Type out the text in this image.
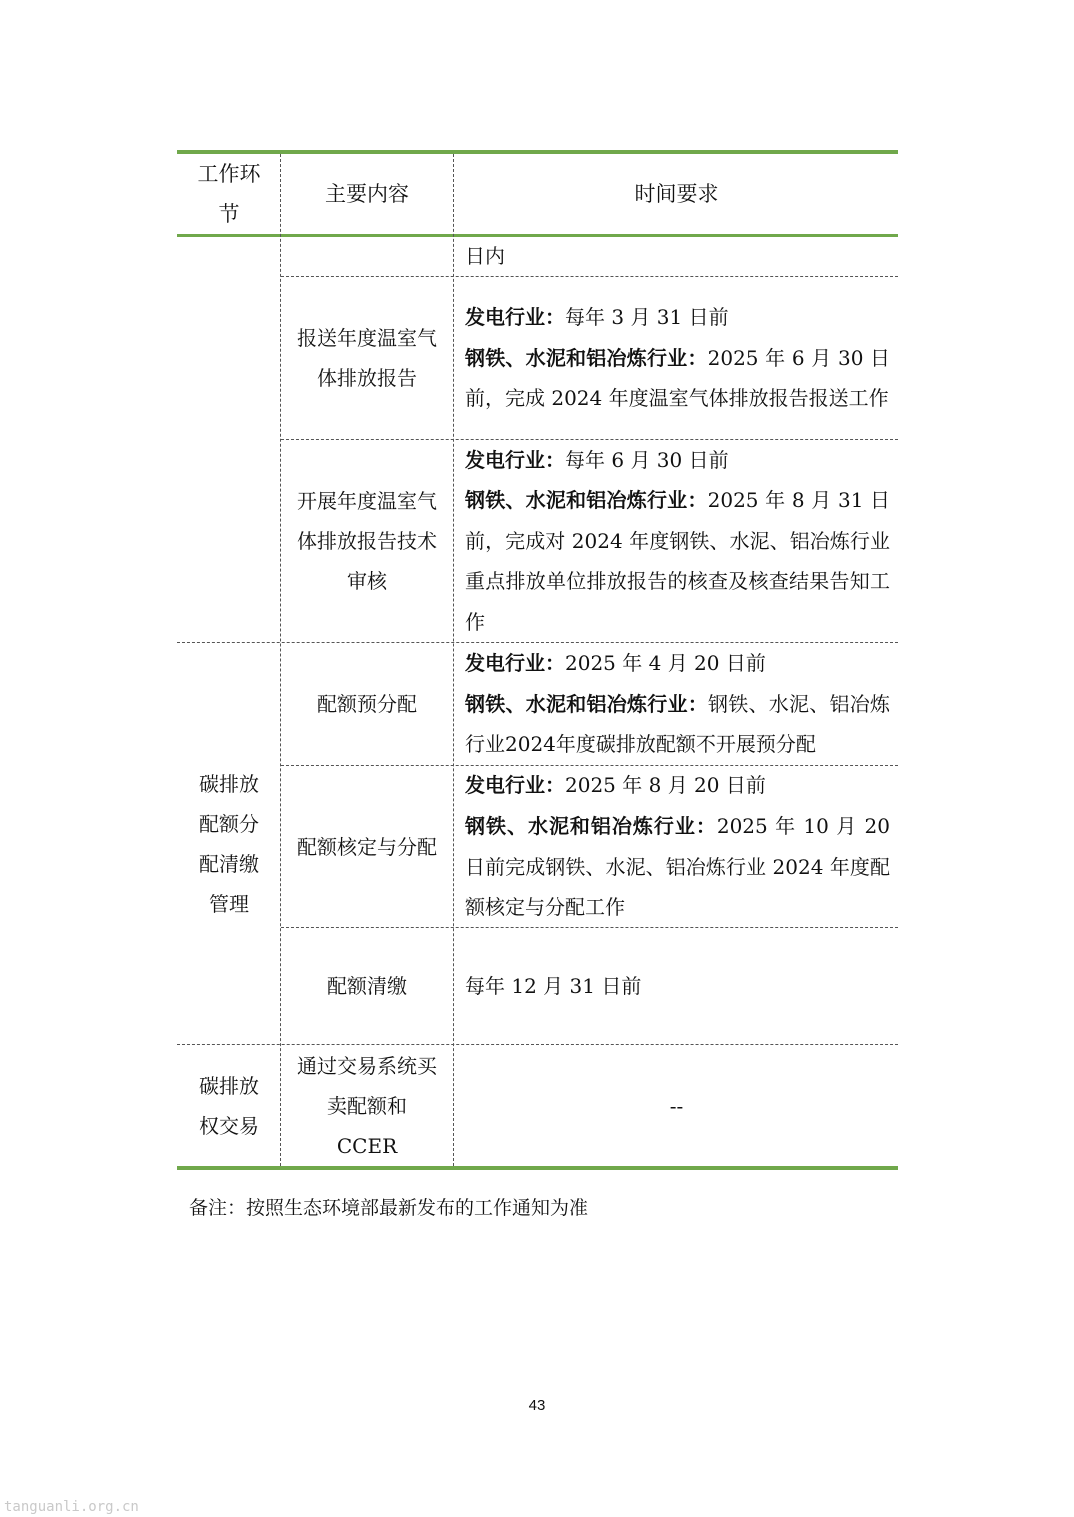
工作环节
主要内容	时间要求
日内
报送年度温室气体排放报告
发电行业：每年 3 月 31 日前
钢铁、水泥和铝冶炼行业：2025 年 6 月 30 日前，完成 2024 年度温室气体排放报告报送工作
开展年度温室气体排放报告技术审核
发电行业：每年 6 月 30 日前
钢铁、水泥和铝冶炼行业：2025 年 8 月 31 日前，完成对 2024 年度钢铁、水泥、铝冶炼行业重点排放单位排放报告的核查及核查结果告知工作
碳排放配额分配清缴管理
配额预分配
发电行业：2025 年 4 月 20 日前
钢铁、水泥和铝冶炼行业：钢铁、水泥、铝冶炼行业2024年度碳排放配额不开展预分配
配额核定与分配
发电行业：2025 年 8 月 20 日前
钢铁、水泥和铝冶炼行业：2025 年 10 月 20 日前完成钢铁、水泥、铝冶炼行业 2024 年度配额核定与分配工作
配额清缴	每年 12 月 31 日前
碳排放权交易
通过交易系统买卖配额和 CCER
--
备注：按照生态环境部最新发布的工作通知为准
43
tanguanli.org.cn
